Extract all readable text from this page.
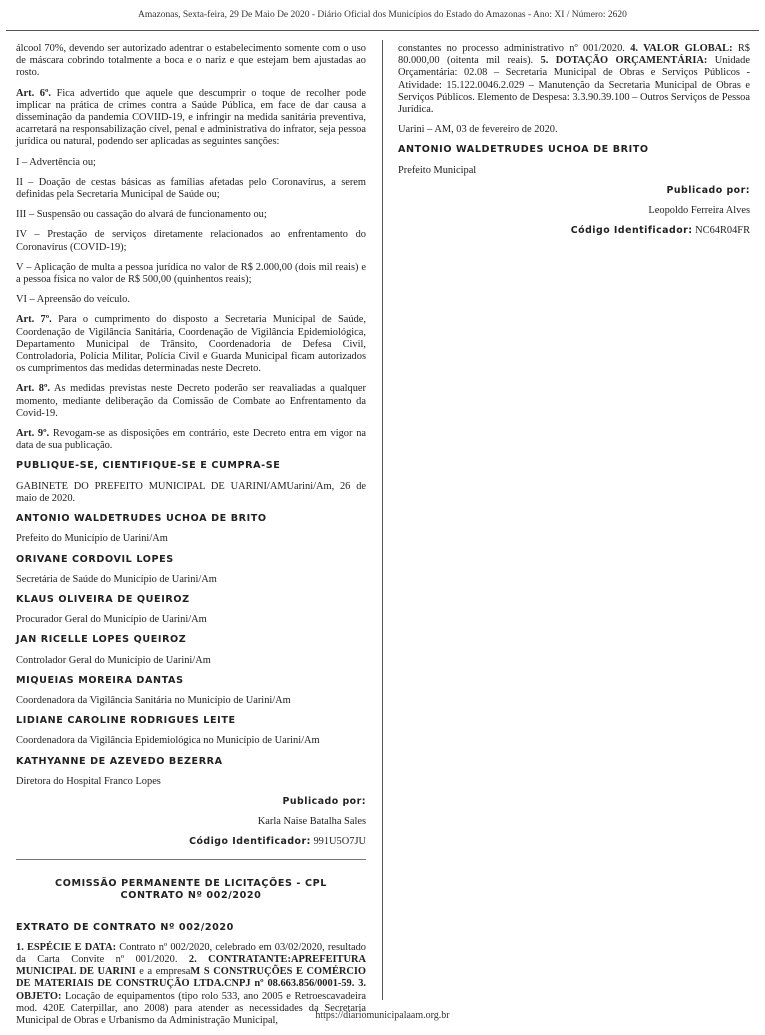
Amazonas, Sexta-feira, 29 De Maio De 2020 - Diário Oficial dos Municípios do Estado do Amazonas - Ano: XI / Número: 2620

álcool 70%, devendo ser autorizado adentrar o estabelecimento somente com o uso de máscara cobrindo totalmente a boca e o nariz e que estejam bem ajustadas ao rosto.

Art. 6º. Fica advertido que aquele que descumprir o toque de recolher pode implicar na prática de crimes contra a Saúde Pública, em face de dar causa a disseminação da pandemia COVIID-19, e infringir na medida sanitária preventiva, acarretará na responsabilização cível, penal e administrativa do infrator, seja pessoa jurídica ou natural, podendo ser aplicadas as seguintes sanções:

I – Advertência ou;

II – Doação de cestas básicas as famílias afetadas pelo Coronavírus, a serem definidas pela Secretaria Municipal de Saúde ou;

III – Suspensão ou cassação do alvará de funcionamento ou;

IV – Prestação de serviços diretamente relacionados ao enfrentamento do Coronavírus (COVID-19);

V – Aplicação de multa a pessoa jurídica no valor de R$ 2.000,00 (dois mil reais) e a pessoa física no valor de R$ 500,00 (quinhentos reais);

VI – Apreensão do veículo.

Art. 7º. Para o cumprimento do disposto a Secretaria Municipal de Saúde, Coordenação de Vigilância Sanitária, Coordenação de Vigilância Epidemiológica, Departamento Municipal de Trânsito, Coordenadoria de Defesa Civil, Controladoria, Polícia Militar, Polícia Civil e Guarda Municipal ficam autorizados os cumprimentos das medidas determinadas neste Decreto.

Art. 8º. As medidas previstas neste Decreto poderão ser reavaliadas a qualquer momento, mediante deliberação da Comissão de Combate ao Enfrentamento da Covid-19.

Art. 9º. Revogam-se as disposições em contrário, este Decreto entra em vigor na data de sua publicação.

PUBLIQUE-SE, CIENTIFIQUE-SE E CUMPRA-SE

GABINETE DO PREFEITO MUNICIPAL DE UARINI/AMUarini/Am, 26 de maio de 2020.

ANTONIO WALDETRUDES UCHOA DE BRITO

Prefeito do Município de Uarini/Am

ORIVANE CORDOVIL LOPES

Secretária de Saúde do Município de Uarini/Am

KLAUS OLIVEIRA DE QUEIROZ

Procurador Geral do Município de Uarini/Am

JAN RICELLE LOPES QUEIROZ

Controlador Geral do Município de Uarini/Am

MIQUEIAS MOREIRA DANTAS

Coordenadora da Vigilância Sanitária no Município de Uarini/Am

LIDIANE CAROLINE RODRIGUES LEITE

Coordenadora da Vigilância Epidemiológica no Município de Uarini/Am

KATHYANNE DE AZEVEDO BEZERRA

Diretora do Hospital Franco Lopes

Publicado por:

Karla Naise Batalha Sales

Código Identificador: 991U5O7JU

COMISSÃO PERMANENTE DE LICITAÇÕES - CPL
CONTRATO Nº 002/2020

EXTRATO DE CONTRATO Nº 002/2020

1. ESPÉCIE E DATA: Contrato nº 002/2020, celebrado em 03/02/2020, resultado da Carta Convite nº 001/2020. 2. CONTRATANTE:APREFEITURA MUNICIPAL DE UARINI e a empresaM S CONSTRUÇÕES E COMÉRCIO DE MATERIAIS DE CONSTRUÇÃO LTDA.CNPJ nº 08.663.856/0001-59. 3. OBJETO: Locação de equipamentos (tipo rolo 533, ano 2005 e Retroescavadeira mod. 420E Caterpillar, ano 2008) para atender as necessidades da Secretaria Municipal de Obras e Urbanismo da Administração Municipal,

constantes no processo administrativo nº 001/2020. 4. VALOR GLOBAL: R$ 80.000,00 (oitenta mil reais). 5. DOTAÇÃO ORÇAMENTÁRIA: Unidade Orçamentária: 02.08 – Secretaria Municipal de Obras e Serviços Públicos - Atividade: 15.122.0046.2.029 – Manutenção da Secretaria Municipal de Obras e Serviços Públicos. Elemento de Despesa: 3.3.90.39.100 – Outros Serviços de Pessoa Jurídica.

Uarini – AM, 03 de fevereiro de 2020.

ANTONIO WALDETRUDES UCHOA DE BRITO

Prefeito Municipal

Publicado por:

Leopoldo Ferreira Alves

Código Identificador: NC64R04FR

https://diariomunicipalaam.org.br
